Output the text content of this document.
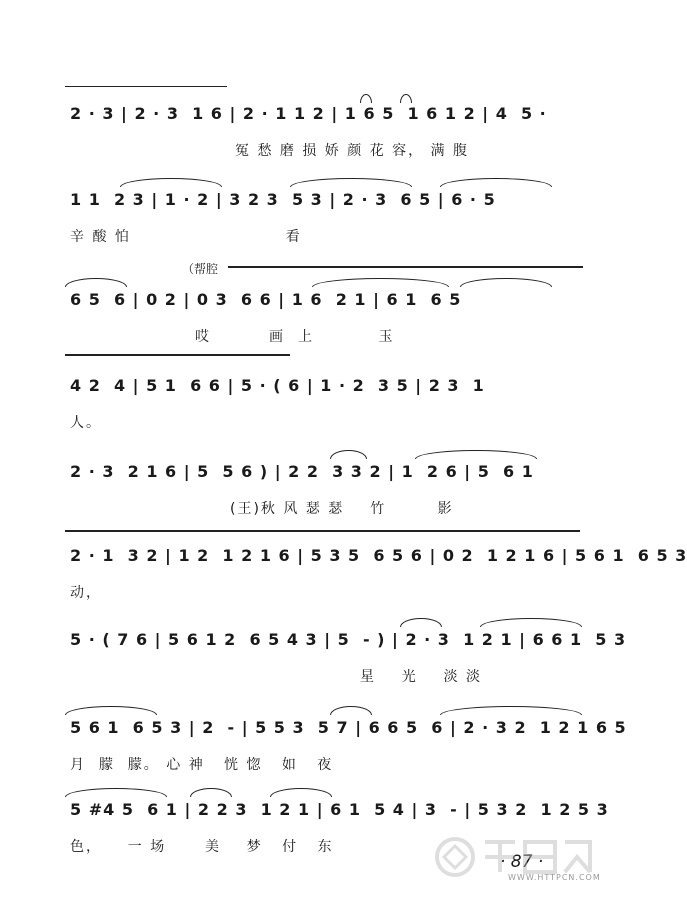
2 · 3 | 2 · 3  1 6 | 2 · 1 1 2 | 1 6 5  1 6 1 2 | 4  5 ·
冤 愁 磨 损 娇 颜 花 容， 满 腹
1 1  2 3 | 1 · 2 | 3 2 3  5 3 | 2 · 3  6 5 | 6 · 5
辛 酸 怕                        看
（帮腔
6 5  6 | 0 2 | 0 3  6 6 | 1 6  2 1 | 6 1  6 5
哎         画  上          玉
4 2  4 | 5 1  6 6 | 5 · ( 6 | 1 · 2  3 5 | 2 3  1
人。
2 · 3  2 1 6 | 5  5 6 ) | 2 2  3 3 2 | 1  2 6 | 5  6 1
(王)秋 风 瑟 瑟    竹        影
2 · 1  3 2 | 1 2  1 2 1 6 | 5 3 5  6 5 6 | 0 2  1 2 1 6 | 5 6 1  6 5 3
动，
5 · ( 7 6 | 5 6 1 2  6 5 4 3 | 5  - ) | 2 · 3  1 2 1 | 6 6 1  5 3
星    光    淡 淡
5 6 1  6 5 3 | 2  - | 5 5 3  5 7 | 6 6 5  6 | 2 · 3 2  1 2 1 6 5
月  朦  朦。 心 神   恍 惚   如   夜
5 #4 5  6 1 | 2 2 3  1 2 1 | 6 1  5 4 | 3  - | 5 3 2  1 2 5 3
色，    一 场      美    梦   付   东
· 87 ·
WWW.HTTPCN.COM
